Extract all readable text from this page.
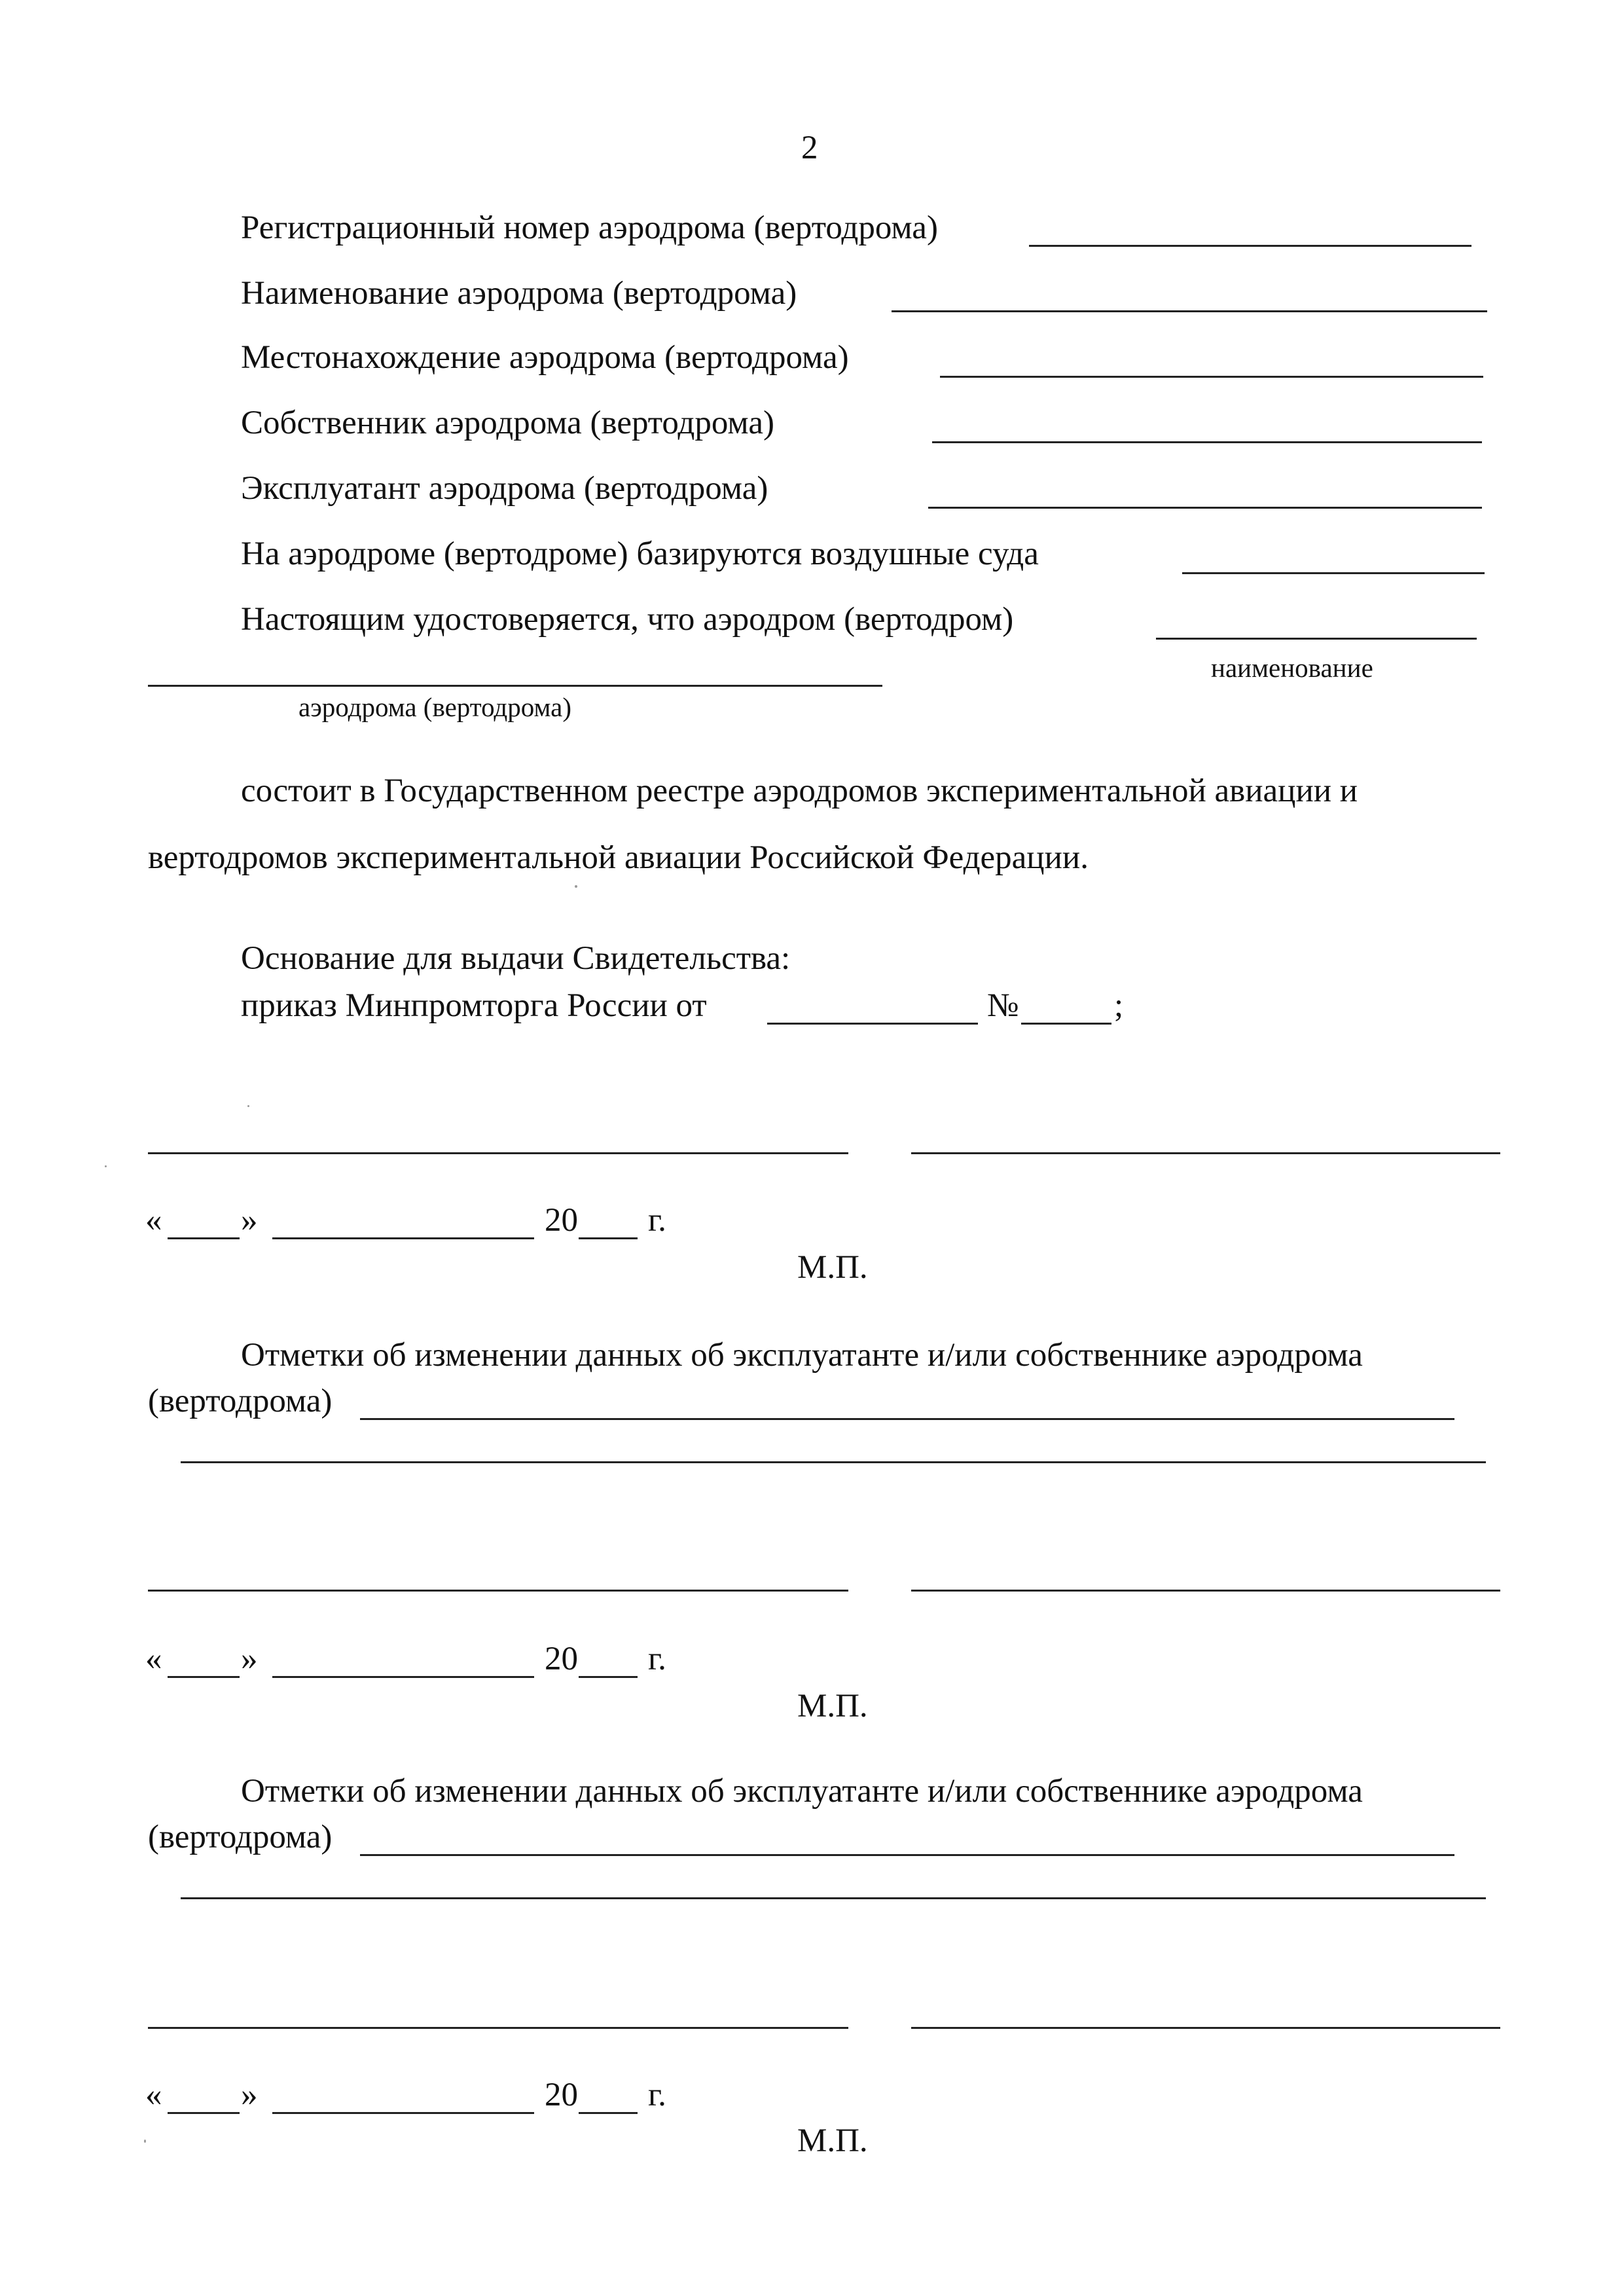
2
Регистрационный номер аэродрома (вертодрома)
Наименование аэродрома (вертодрома)
Местонахождение аэродрома (вертодрома)
Собственник аэродрома (вертодрома)
Эксплуатант аэродрома (вертодрома)
На аэродроме (вертодроме) базируются воздушные суда
Настоящим удостоверяется, что аэродром (вертодром)
наименование
аэродрома (вертодрома)
состоит в Государственном реестре аэродромов экспериментальной авиации и
вертодромов экспериментальной авиации Российской Федерации.
Основание для выдачи Свидетельства:
приказ Минпромторга России от	№	;
« »	20 г.
М.П.
Отметки об изменении данных об эксплуатанте и/или собственнике аэродрома
(вертодрома)
« »	20 г.
М.П.
Отметки об изменении данных об эксплуатанте и/или собственнике аэродрома
(вертодрома)
« »	20 г.
М.П.
